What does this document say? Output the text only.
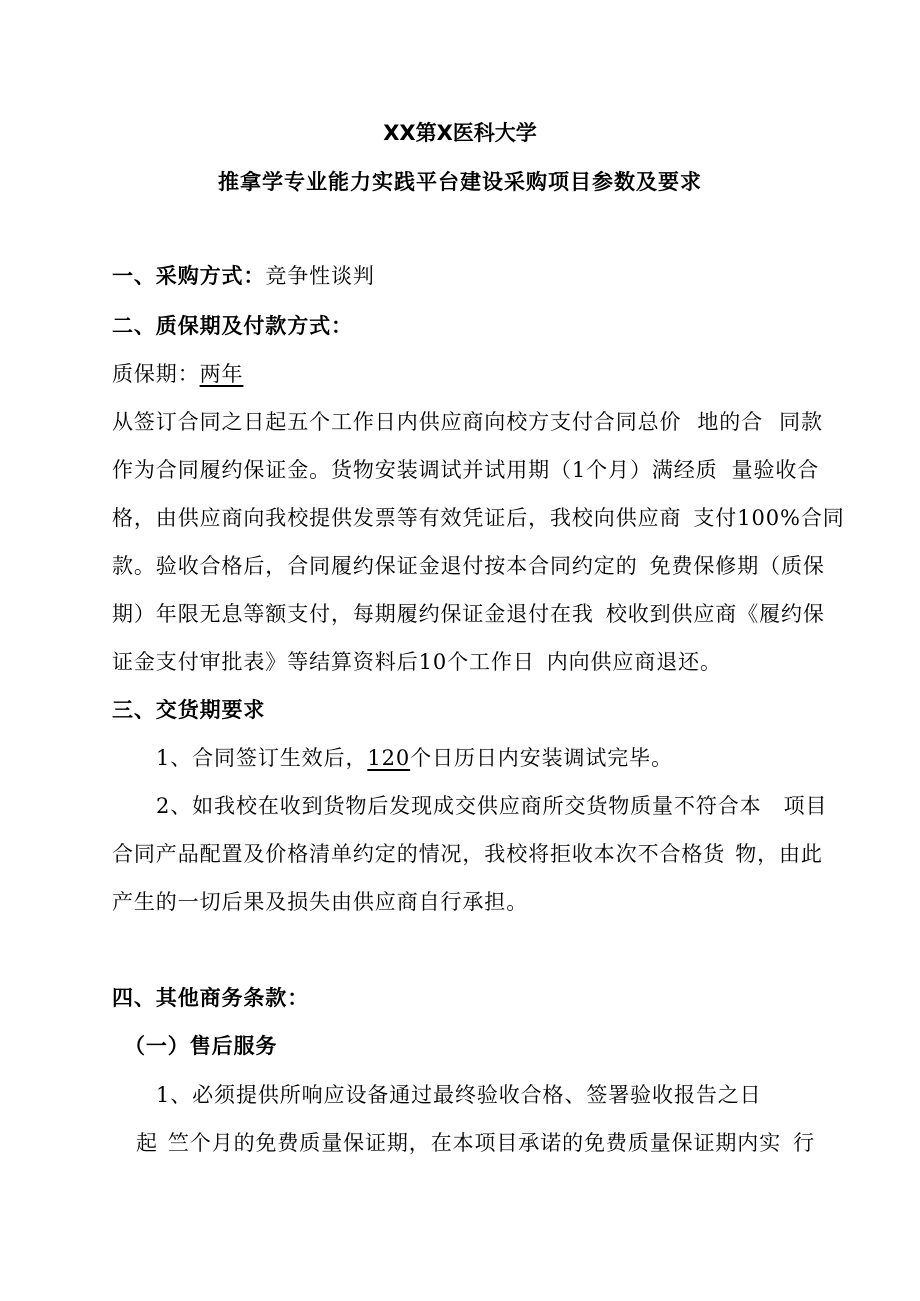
XX第X医科大学
推拿学专业能力实践平台建设采购项目参数及要求
一、采购方式：竞争性谈判
二、质保期及付款方式：
质保期：两年
从签订合同之日起五个工作日内供应商向校方支付合同总价 地的合 同款
作为合同履约保证金。货物安装调试并试用期（1个月）满经质 量验收合
格，由供应商向我校提供发票等有效凭证后，我校向供应商 支付100%合同
款。验收合格后，合同履约保证金退付按本合同约定的 免费保修期（质保
期）年限无息等额支付，每期履约保证金退付在我 校收到供应商《履约保
证金支付审批表》等结算资料后10个工作日 内向供应商退还。
三、交货期要求
1、合同签订生效后，120个日历日内安装调试完毕。
2、如我校在收到货物后发现成交供应商所交货物质量不符合本 项目
合同产品配置及价格清单约定的情况，我校将拒收本次不合格货 物，由此
产生的一切后果及损失由供应商自行承担。
四、其他商务条款：
（一）售后服务
1、必须提供所响应设备通过最终验收合格、签署验收报告之日
起 竺个月的免费质量保证期，在本项目承诺的免费质量保证期内实 行
